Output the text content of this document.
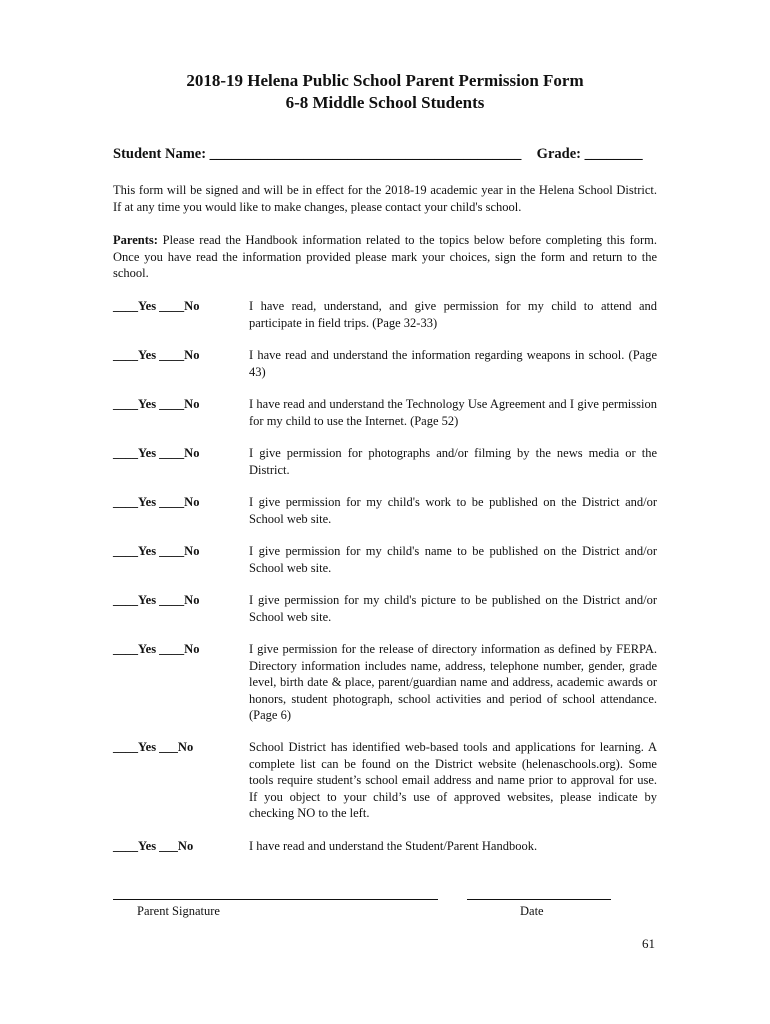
2018-19 Helena Public School Parent Permission Form
6-8 Middle School Students
Student Name: ___________________________________________ Grade: ________
This form will be signed and will be in effect for the 2018-19 academic year in the Helena School District. If at any time you would like to make changes, please contact your child's school.
Parents: Please read the Handbook information related to the topics below before completing this form. Once you have read the information provided please mark your choices, sign the form and return to the school.
____Yes ____No	I have read, understand, and give permission for my child to attend and participate in field trips. (Page 32-33)
____Yes ____No	I have read and understand the information regarding weapons in school. (Page 43)
____Yes ____No	I have read and understand the Technology Use Agreement and I give permission for my child to use the Internet. (Page 52)
____Yes ____No	I give permission for photographs and/or filming by the news media or the District.
____Yes ____No	I give permission for my child's work to be published on the District and/or School web site.
____Yes ____No	I give permission for my child's name to be published on the District and/or School web site.
____Yes ____No	I give permission for my child's picture to be published on the District and/or School web site.
____Yes ____No	I give permission for the release of directory information as defined by FERPA. Directory information includes name, address, telephone number, gender, grade level, birth date & place, parent/guardian name and address, academic awards or honors, student photograph, school activities and period of school attendance. (Page 6)
____Yes ___No	School District has identified web-based tools and applications for learning. A complete list can be found on the District website (helenaschools.org). Some tools require student’s school email address and name prior to approval for use. If you object to your child’s use of approved websites, please indicate by checking NO to the left.
____Yes ___No	I have read and understand the Student/Parent Handbook.
Parent Signature	Date
61
